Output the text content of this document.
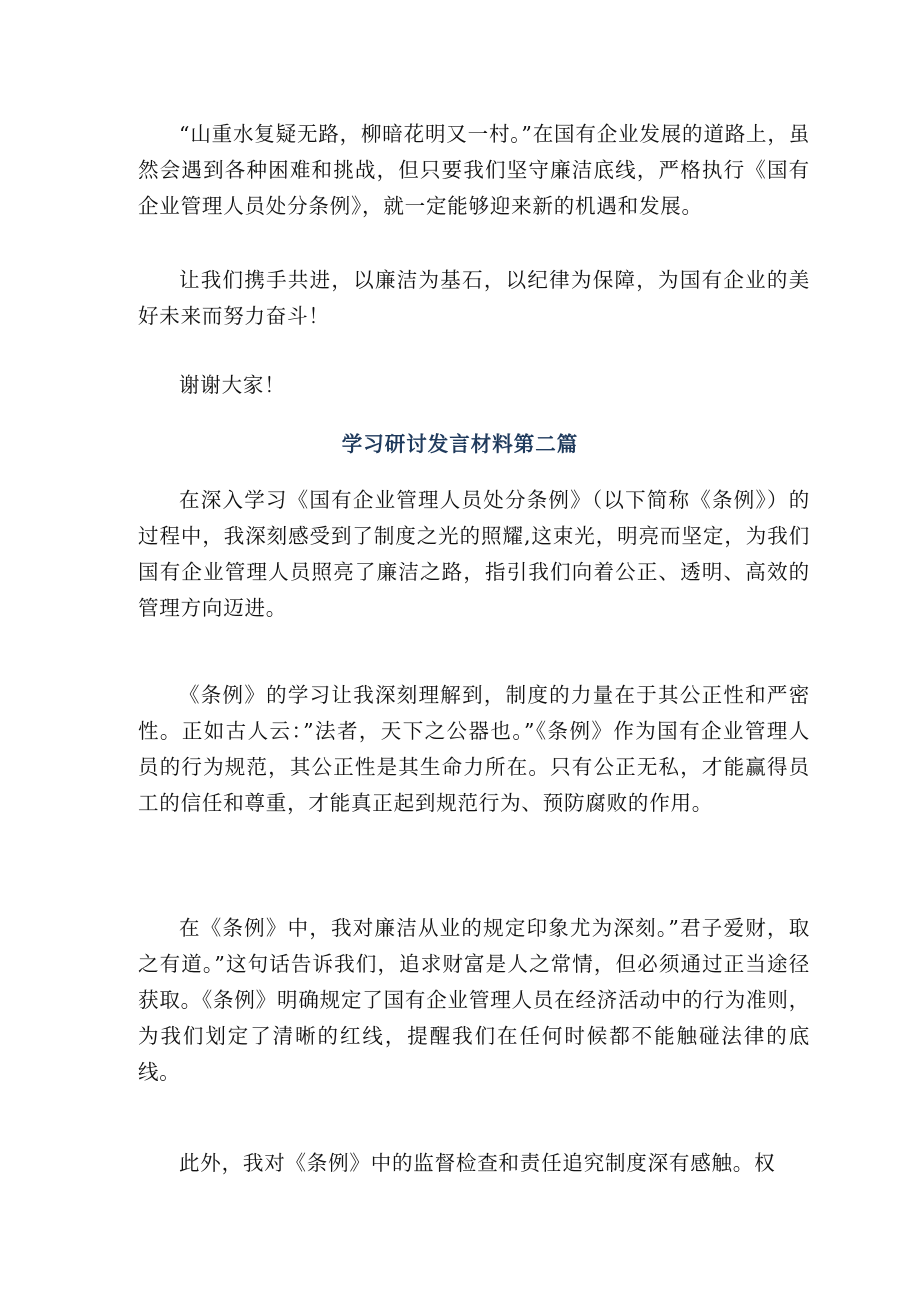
“山重水复疑无路，柳暗花明又一村。”在国有企业发展的道路上，虽然会遇到各种困难和挑战，但只要我们坚守廉洁底线，严格执行《国有企业管理人员处分条例》，就一定能够迎来新的机遇和发展。

让我们携手共进，以廉洁为基石，以纪律为保障，为国有企业的美好未来而努力奋斗！

谢谢大家！

学习研讨发言材料第二篇

在深入学习《国有企业管理人员处分条例》（以下简称《条例》）的过程中，我深刻感受到了制度之光的照耀,这束光，明亮而坚定，为我们国有企业管理人员照亮了廉洁之路，指引我们向着公正、透明、高效的管理方向迈进。

《条例》的学习让我深刻理解到，制度的力量在于其公正性和严密性。正如古人云：”法者，天下之公器也。”《条例》作为国有企业管理人员的行为规范，其公正性是其生命力所在。只有公正无私，才能赢得员工的信任和尊重，才能真正起到规范行为、预防腐败的作用。

在《条例》中，我对廉洁从业的规定印象尤为深刻。”君子爱财，取之有道。”这句话告诉我们，追求财富是人之常情，但必须通过正当途径获取。《条例》明确规定了国有企业管理人员在经济活动中的行为准则，为我们划定了清晰的红线，提醒我们在任何时候都不能触碰法律的底线。

此外，我对《条例》中的监督检查和责任追究制度深有感触。权
